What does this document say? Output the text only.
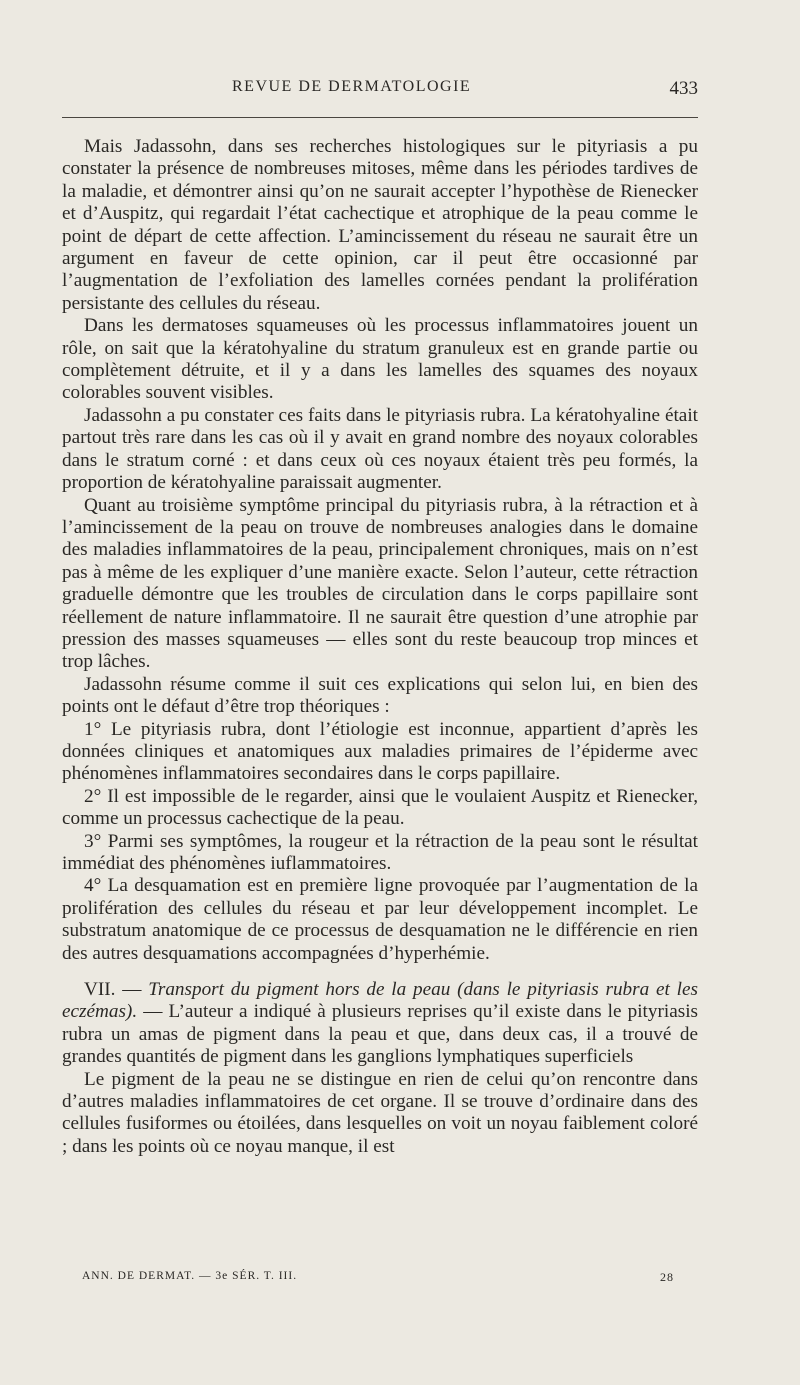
REVUE DE DERMATOLOGIE	433

Mais Jadassohn, dans ses recherches histologiques sur le pityriasis a pu constater la présence de nombreuses mitoses, même dans les périodes tardives de la maladie, et démontrer ainsi qu’on ne saurait accepter l’hypothèse de Rienecker et d’Auspitz, qui regardait l’état cachectique et atrophique de la peau comme le point de départ de cette affection. L’amincissement du réseau ne saurait être un argument en faveur de cette opinion, car il peut être occasionné par l’augmentation de l’exfoliation des lamelles cornées pendant la prolifération persistante des cellules du réseau.

Dans les dermatoses squameuses où les processus inflammatoires jouent un rôle, on sait que la kératohyaline du stratum granuleux est en grande partie ou complètement détruite, et il y a dans les lamelles des squames des noyaux colorables souvent visibles.

Jadassohn a pu constater ces faits dans le pityriasis rubra. La kératohyaline était partout très rare dans les cas où il y avait en grand nombre des noyaux colorables dans le stratum corné : et dans ceux où ces noyaux étaient très peu formés, la proportion de kératohyaline paraissait augmenter.

Quant au troisième symptôme principal du pityriasis rubra, à la rétraction et à l’amincissement de la peau on trouve de nombreuses analogies dans le domaine des maladies inflammatoires de la peau, principalement chroniques, mais on n’est pas à même de les expliquer d’une manière exacte. Selon l’auteur, cette rétraction graduelle démontre que les troubles de circulation dans le corps papillaire sont réellement de nature inflammatoire. Il ne saurait être question d’une atrophie par pression des masses squameuses — elles sont du reste beaucoup trop minces et trop lâches.

Jadassohn résume comme il suit ces explications qui selon lui, en bien des points ont le défaut d’être trop théoriques :

1° Le pityriasis rubra, dont l’étiologie est inconnue, appartient d’après les données cliniques et anatomiques aux maladies primaires de l’épiderme avec phénomènes inflammatoires secondaires dans le corps papillaire.

2° Il est impossible de le regarder, ainsi que le voulaient Auspitz et Rienecker, comme un processus cachectique de la peau.

3° Parmi ses symptômes, la rougeur et la rétraction de la peau sont le résultat immédiat des phénomènes iuflammatoires.

4° La desquamation est en première ligne provoquée par l’augmentation de la prolifération des cellules du réseau et par leur développement incomplet. Le substratum anatomique de ce processus de desquamation ne le différencie en rien des autres desquamations accompagnées d’hyperhémie.

VII. — Transport du pigment hors de la peau (dans le pityriasis rubra et les eczémas). — L’auteur a indiqué à plusieurs reprises qu’il existe dans le pityriasis rubra un amas de pigment dans la peau et que, dans deux cas, il a trouvé de grandes quantités de pigment dans les ganglions lymphatiques superficiels

Le pigment de la peau ne se distingue en rien de celui qu’on rencontre dans d’autres maladies inflammatoires de cet organe. Il se trouve d’ordinaire dans des cellules fusiformes ou étoilées, dans lesquelles on voit un noyau faiblement coloré ; dans les points où ce noyau manque, il est

ANN. DE DERMAT. — 3e SÉR. T. III.	28
